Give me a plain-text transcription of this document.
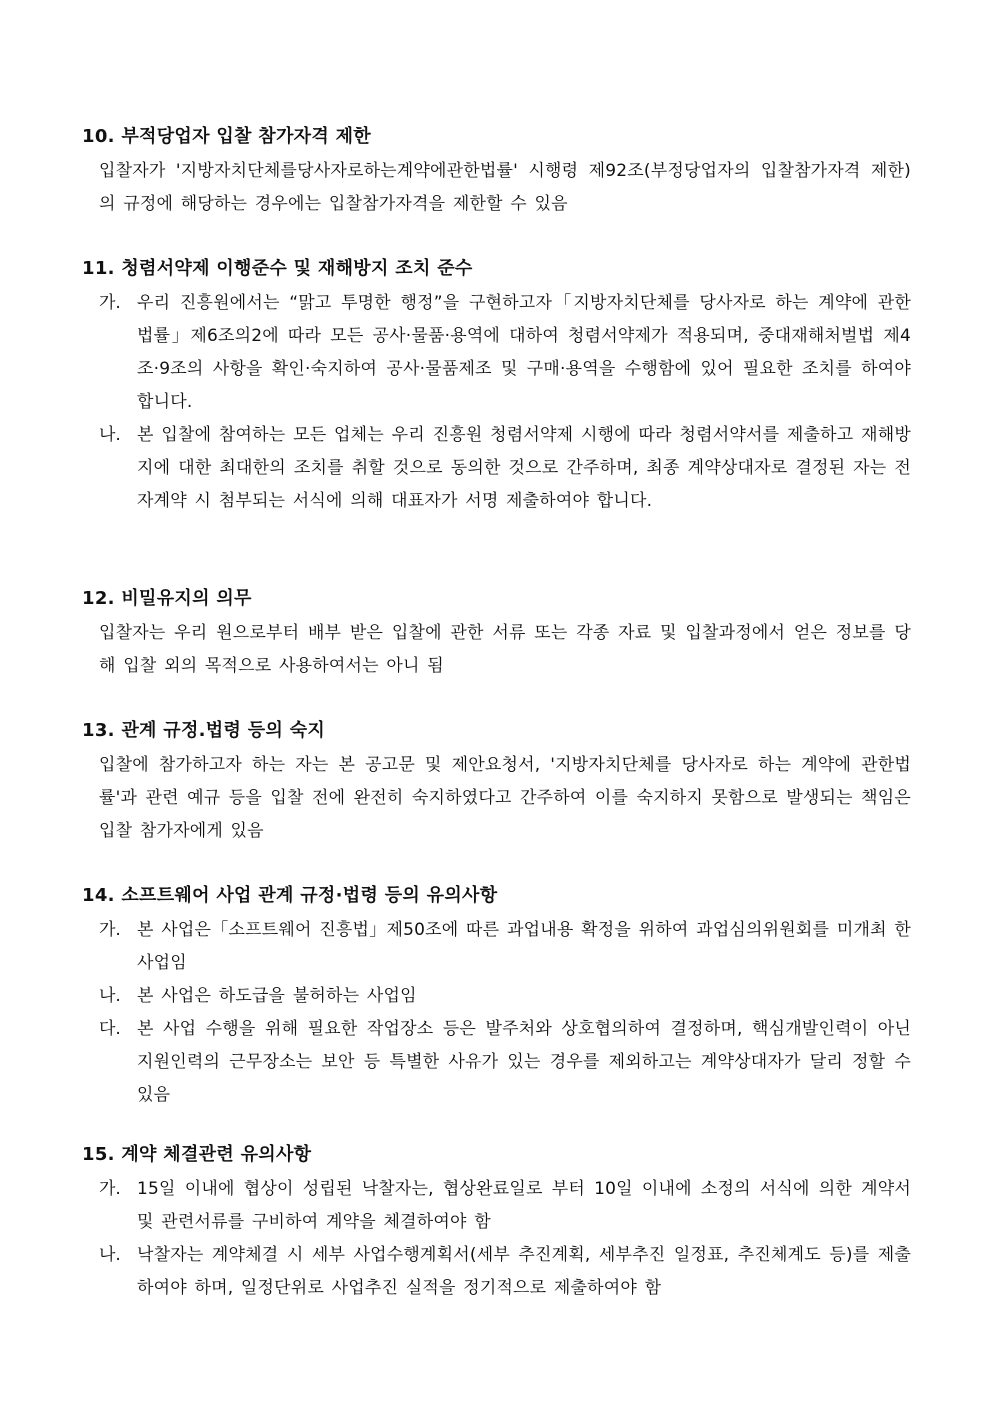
10. 부적당업자 입찰 참가자격 제한
입찰자가 '지방자치단체를당사자로하는계약에관한법률' 시행령 제92조(부정당업자의 입찰참가자격 제한)의 규정에 해당하는 경우에는 입찰참가자격을 제한할 수 있음
11. 청렴서약제 이행준수 및 재해방지 조치 준수
가. 우리 진흥원에서는 “맑고 투명한 행정”을 구현하고자「지방자치단체를 당사자로 하는 계약에 관한 법률」제6조의2에 따라 모든 공사·물품·용역에 대하여 청렴서약제가 적용되며, 중대재해처벌법 제4조·9조의 사항을 확인·숙지하여 공사·물품제조 및 구매·용역을 수행함에 있어 필요한 조치를 하여야 합니다.
나. 본 입찰에 참여하는 모든 업체는 우리 진흥원 청렴서약제 시행에 따라 청렴서약서를 제출하고 재해방지에 대한 최대한의 조치를 취할 것으로 동의한 것으로 간주하며, 최종 계약상대자로 결정된 자는 전자계약 시 첨부되는 서식에 의해 대표자가 서명 제출하여야 합니다.
12. 비밀유지의 의무
입찰자는 우리 원으로부터 배부 받은 입찰에 관한 서류 또는 각종 자료 및 입찰과정에서 얻은 정보를 당해 입찰 외의 목적으로 사용하여서는 아니 됨
13. 관계 규정.법령 등의 숙지
입찰에 참가하고자 하는 자는 본 공고문 및 제안요청서, '지방자치단체를 당사자로 하는 계약에 관한법률'과 관련 예규 등을 입찰 전에 완전히 숙지하였다고 간주하여 이를 숙지하지 못함으로 발생되는 책임은 입찰 참가자에게 있음
14. 소프트웨어 사업 관계 규정·법령 등의 유의사항
가. 본 사업은「소프트웨어 진흥법」제50조에 따른 과업내용 확정을 위하여 과업심의위원회를 미개최 한 사업임
나. 본 사업은 하도급을 불허하는 사업임
다. 본 사업 수행을 위해 필요한 작업장소 등은 발주처와 상호협의하여 결정하며, 핵심개발인력이 아닌 지원인력의 근무장소는 보안 등 특별한 사유가 있는 경우를 제외하고는 계약상대자가 달리 정할 수 있음
15. 계약 체결관련 유의사항
가. 15일 이내에 협상이 성립된 낙찰자는, 협상완료일로 부터 10일 이내에 소정의 서식에 의한 계약서 및 관련서류를 구비하여 계약을 체결하여야 함
나. 낙찰자는 계약체결 시 세부 사업수행계획서(세부 추진계획, 세부추진 일정표, 추진체계도 등)를 제출하여야 하며, 일정단위로 사업추진 실적을 정기적으로 제출하여야 함
